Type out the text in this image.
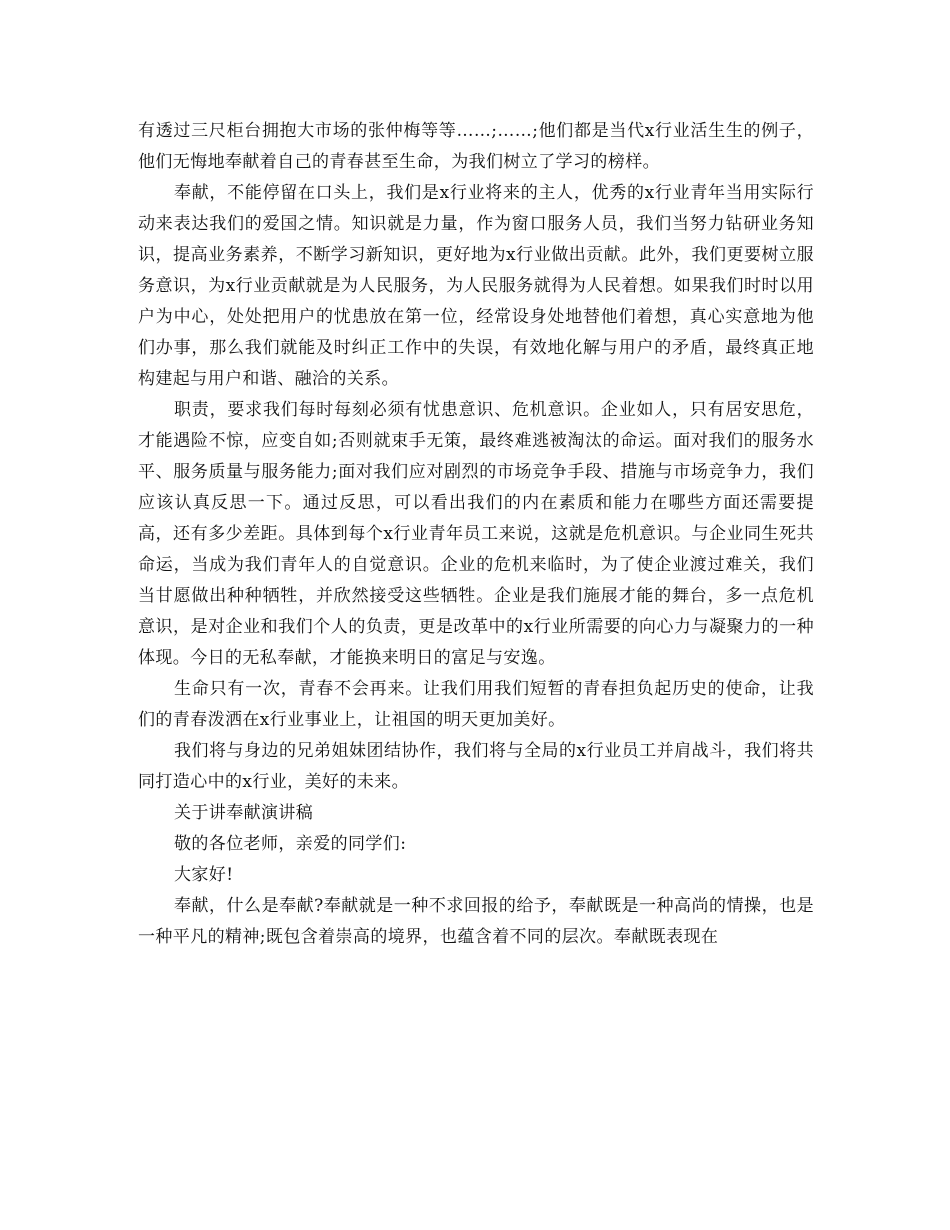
有透过三尺柜台拥抱大市场的张仲梅等等……;……;他们都是当代x行业活生生的例子，他们无悔地奉献着自己的青春甚至生命，为我们树立了学习的榜样。

奉献，不能停留在口头上，我们是x行业将来的主人，优秀的x行业青年当用实际行动来表达我们的爱国之情。知识就是力量，作为窗口服务人员，我们当努力钻研业务知识，提高业务素养，不断学习新知识，更好地为x行业做出贡献。此外，我们更要树立服务意识，为x行业贡献就是为人民服务，为人民服务就得为人民着想。如果我们时时以用户为中心，处处把用户的忧患放在第一位，经常设身处地替他们着想，真心实意地为他们办事，那么我们就能及时纠正工作中的失误，有效地化解与用户的矛盾，最终真正地构建起与用户和谐、融洽的关系。

职责，要求我们每时每刻必须有忧患意识、危机意识。企业如人，只有居安思危，才能遇险不惊，应变自如;否则就束手无策，最终难逃被淘汰的命运。面对我们的服务水平、服务质量与服务能力;面对我们应对剧烈的市场竞争手段、措施与市场竞争力，我们应该认真反思一下。通过反思，可以看出我们的内在素质和能力在哪些方面还需要提高，还有多少差距。具体到每个x行业青年员工来说，这就是危机意识。与企业同生死共命运，当成为我们青年人的自觉意识。企业的危机来临时，为了使企业渡过难关，我们当甘愿做出种种牺牲，并欣然接受这些牺牲。企业是我们施展才能的舞台，多一点危机意识，是对企业和我们个人的负责，更是改革中的x行业所需要的向心力与凝聚力的一种体现。今日的无私奉献，才能换来明日的富足与安逸。

生命只有一次，青春不会再来。让我们用我们短暂的青春担负起历史的使命，让我们的青春泼洒在x行业事业上，让祖国的明天更加美好。

我们将与身边的兄弟姐妹团结协作，我们将与全局的x行业员工并肩战斗，我们将共同打造心中的x行业，美好的未来。

关于讲奉献演讲稿

敬的各位老师，亲爱的同学们:

大家好!

奉献，什么是奉献?奉献就是一种不求回报的给予，奉献既是一种高尚的情操，也是一种平凡的精神;既包含着崇高的境界，也蕴含着不同的层次。奉献既表现在
